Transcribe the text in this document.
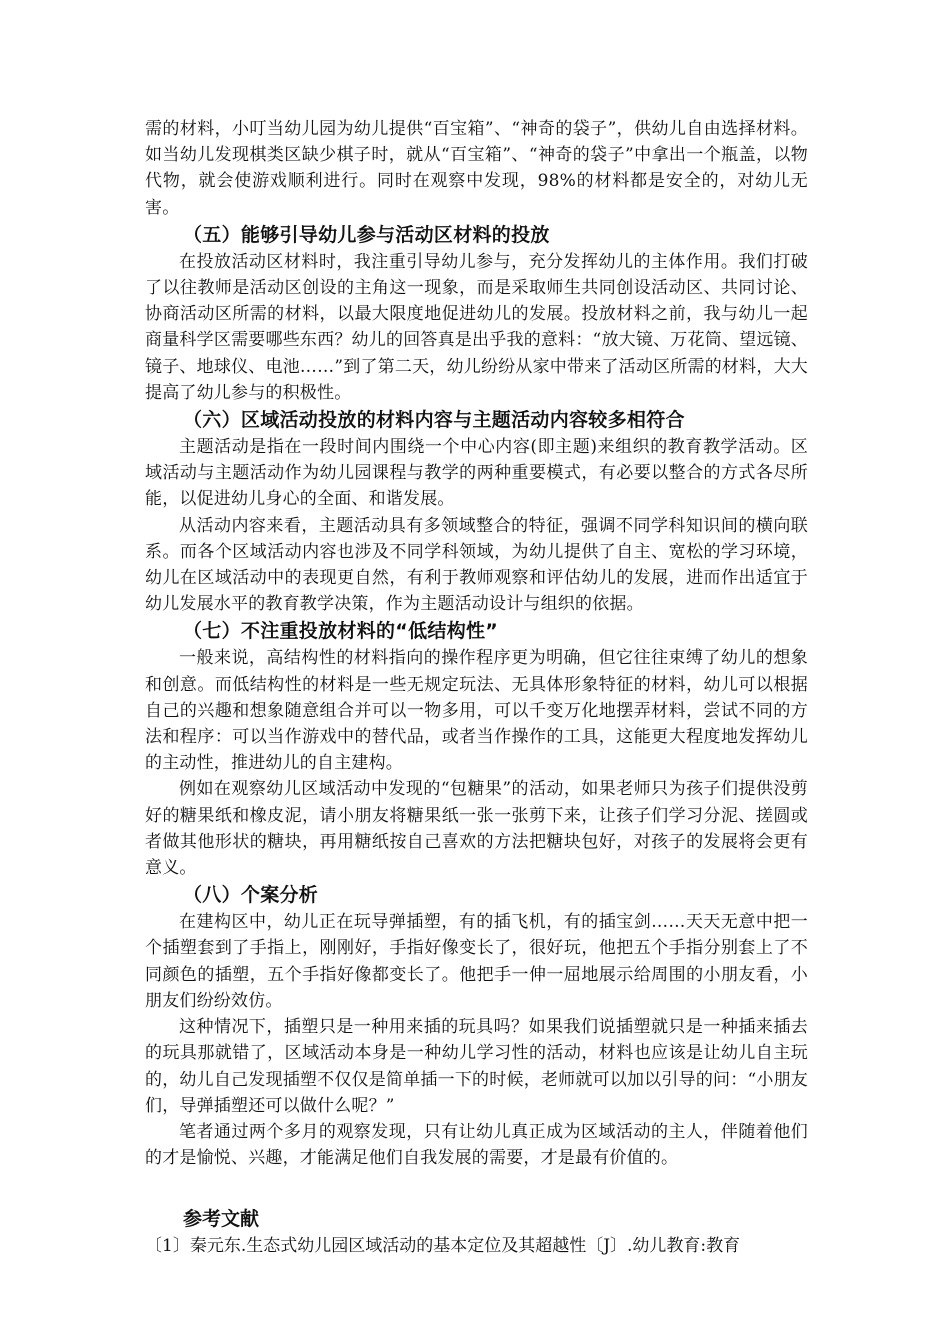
需的材料，小叮当幼儿园为幼儿提供“百宝箱”、“神奇的袋子”，供幼儿自由选择材料。如当幼儿发现棋类区缺少棋子时，就从“百宝箱”、“神奇的袋子”中拿出一个瓶盖，以物代物，就会使游戏顺利进行。同时在观察中发现，98%的材料都是安全的，对幼儿无害。

（五）能够引导幼儿参与活动区材料的投放

在投放活动区材料时，我注重引导幼儿参与，充分发挥幼儿的主体作用。我们打破了以往教师是活动区创设的主角这一现象，而是采取师生共同创设活动区、共同讨论、协商活动区所需的材料，以最大限度地促进幼儿的发展。投放材料之前，我与幼儿一起商量科学区需要哪些东西？幼儿的回答真是出乎我的意料：“放大镜、万花筒、望远镜、镜子、地球仪、电池……”到了第二天，幼儿纷纷从家中带来了活动区所需的材料，大大提高了幼儿参与的积极性。

（六）区域活动投放的材料内容与主题活动内容较多相符合

主题活动是指在一段时间内围绕一个中心内容(即主题)来组织的教育教学活动。区域活动与主题活动作为幼儿园课程与教学的两种重要模式，有必要以整合的方式各尽所能，以促进幼儿身心的全面、和谐发展。

从活动内容来看，主题活动具有多领域整合的特征，强调不同学科知识间的横向联系。而各个区域活动内容也涉及不同学科领域，为幼儿提供了自主、宽松的学习环境，幼儿在区域活动中的表现更自然，有利于教师观察和评估幼儿的发展，进而作出适宜于幼儿发展水平的教育教学决策，作为主题活动设计与组织的依据。

（七）不注重投放材料的“低结构性”

一般来说，高结构性的材料指向的操作程序更为明确，但它往往束缚了幼儿的想象和创意。而低结构性的材料是一些无规定玩法、无具体形象特征的材料，幼儿可以根据自己的兴趣和想象随意组合并可以一物多用，可以千变万化地摆弄材料，尝试不同的方法和程序：可以当作游戏中的替代品，或者当作操作的工具，这能更大程度地发挥幼儿的主动性，推进幼儿的自主建构。

例如在观察幼儿区域活动中发现的“包糖果”的活动，如果老师只为孩子们提供没剪好的糖果纸和橡皮泥，请小朋友将糖果纸一张一张剪下来，让孩子们学习分泥、搓圆或者做其他形状的糖块，再用糖纸按自己喜欢的方法把糖块包好，对孩子的发展将会更有意义。

（八）个案分析

在建构区中，幼儿正在玩导弹插塑，有的插飞机，有的插宝剑……天天无意中把一个插塑套到了手指上，刚刚好，手指好像变长了，很好玩，他把五个手指分别套上了不同颜色的插塑，五个手指好像都变长了。他把手一伸一屈地展示给周围的小朋友看，小朋友们纷纷效仿。

这种情况下，插塑只是一种用来插的玩具吗？如果我们说插塑就只是一种插来插去的玩具那就错了，区域活动本身是一种幼儿学习性的活动，材料也应该是让幼儿自主玩的，幼儿自己发现插塑不仅仅是简单插一下的时候，老师就可以加以引导的问：“小朋友们，导弹插塑还可以做什么呢？”

笔者通过两个多月的观察发现，只有让幼儿真正成为区域活动的主人，伴随着他们的才是愉悦、兴趣，才能满足他们自我发展的需要，才是最有价值的。

参考文献

〔1〕秦元东.生态式幼儿园区域活动的基本定位及其超越性〔J〕.幼儿教育:教育
